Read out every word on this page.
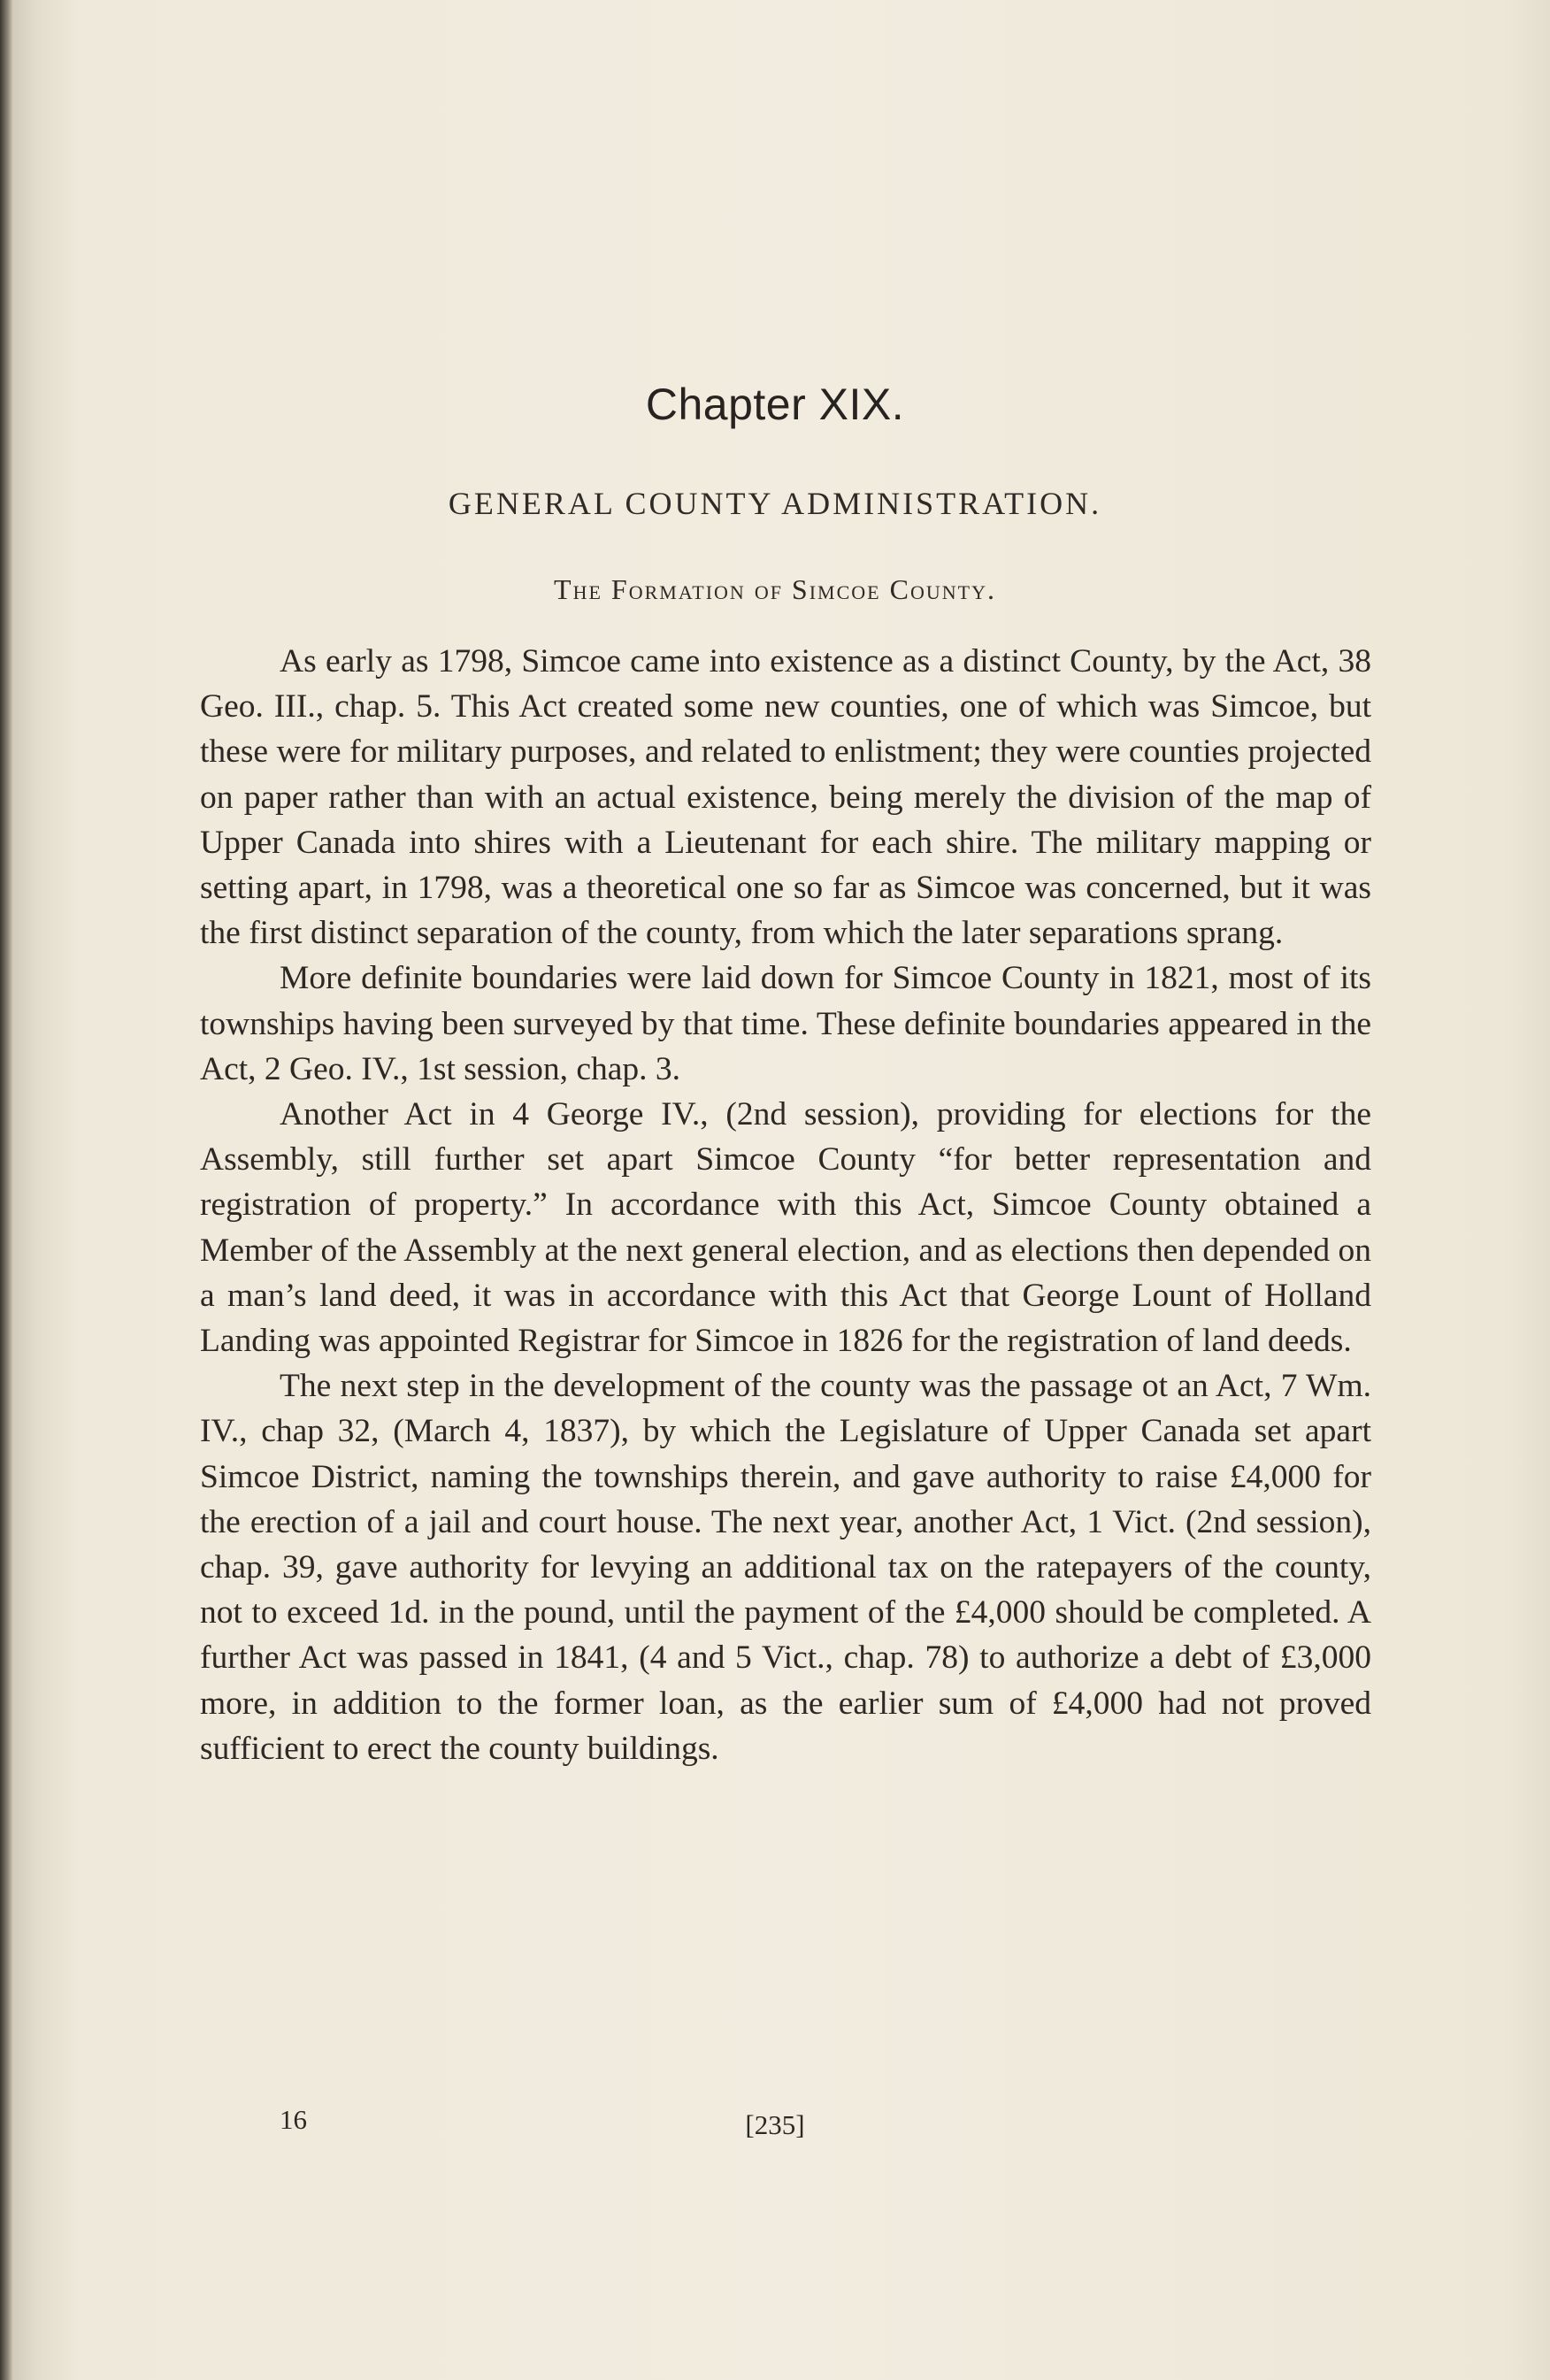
Chapter XIX.
GENERAL COUNTY ADMINISTRATION.
The Formation of Simcoe County.

As early as 1798, Simcoe came into existence as a distinct County, by the Act, 38 Geo. III., chap. 5. This Act created some new counties, one of which was Simcoe, but these were for military purposes, and related to enlistment; they were counties projected on paper rather than with an actual existence, being merely the division of the map of Upper Canada into shires with a Lieutenant for each shire. The military mapping or setting apart, in 1798, was a theoretical one so far as Simcoe was concerned, but it was the first distinct separation of the county, from which the later separations sprang.

More definite boundaries were laid down for Simcoe County in 1821, most of its townships having been surveyed by that time. These definite boundaries appeared in the Act, 2 Geo. IV., 1st session, chap. 3.

Another Act in 4 George IV., (2nd session), providing for elections for the Assembly, still further set apart Simcoe County “for better representation and registration of property.” In accordance with this Act, Simcoe County obtained a Member of the Assembly at the next general election, and as elections then depended on a man’s land deed, it was in accordance with this Act that George Lount of Holland Landing was appointed Registrar for Simcoe in 1826 for the registration of land deeds.

The next step in the development of the county was the passage ot an Act, 7 Wm. IV., chap 32, (March 4, 1837), by which the Legislature of Upper Canada set apart Simcoe District, naming the townships therein, and gave authority to raise £4,000 for the erection of a jail and court house. The next year, another Act, 1 Vict. (2nd session), chap. 39, gave authority for levying an additional tax on the ratepayers of the county, not to exceed 1d. in the pound, until the payment of the £4,000 should be completed. A further Act was passed in 1841, (4 and 5 Vict., chap. 78) to authorize a debt of £3,000 more, in addition to the former loan, as the earlier sum of £4,000 had not proved sufficient to erect the county buildings.

16	[235]
